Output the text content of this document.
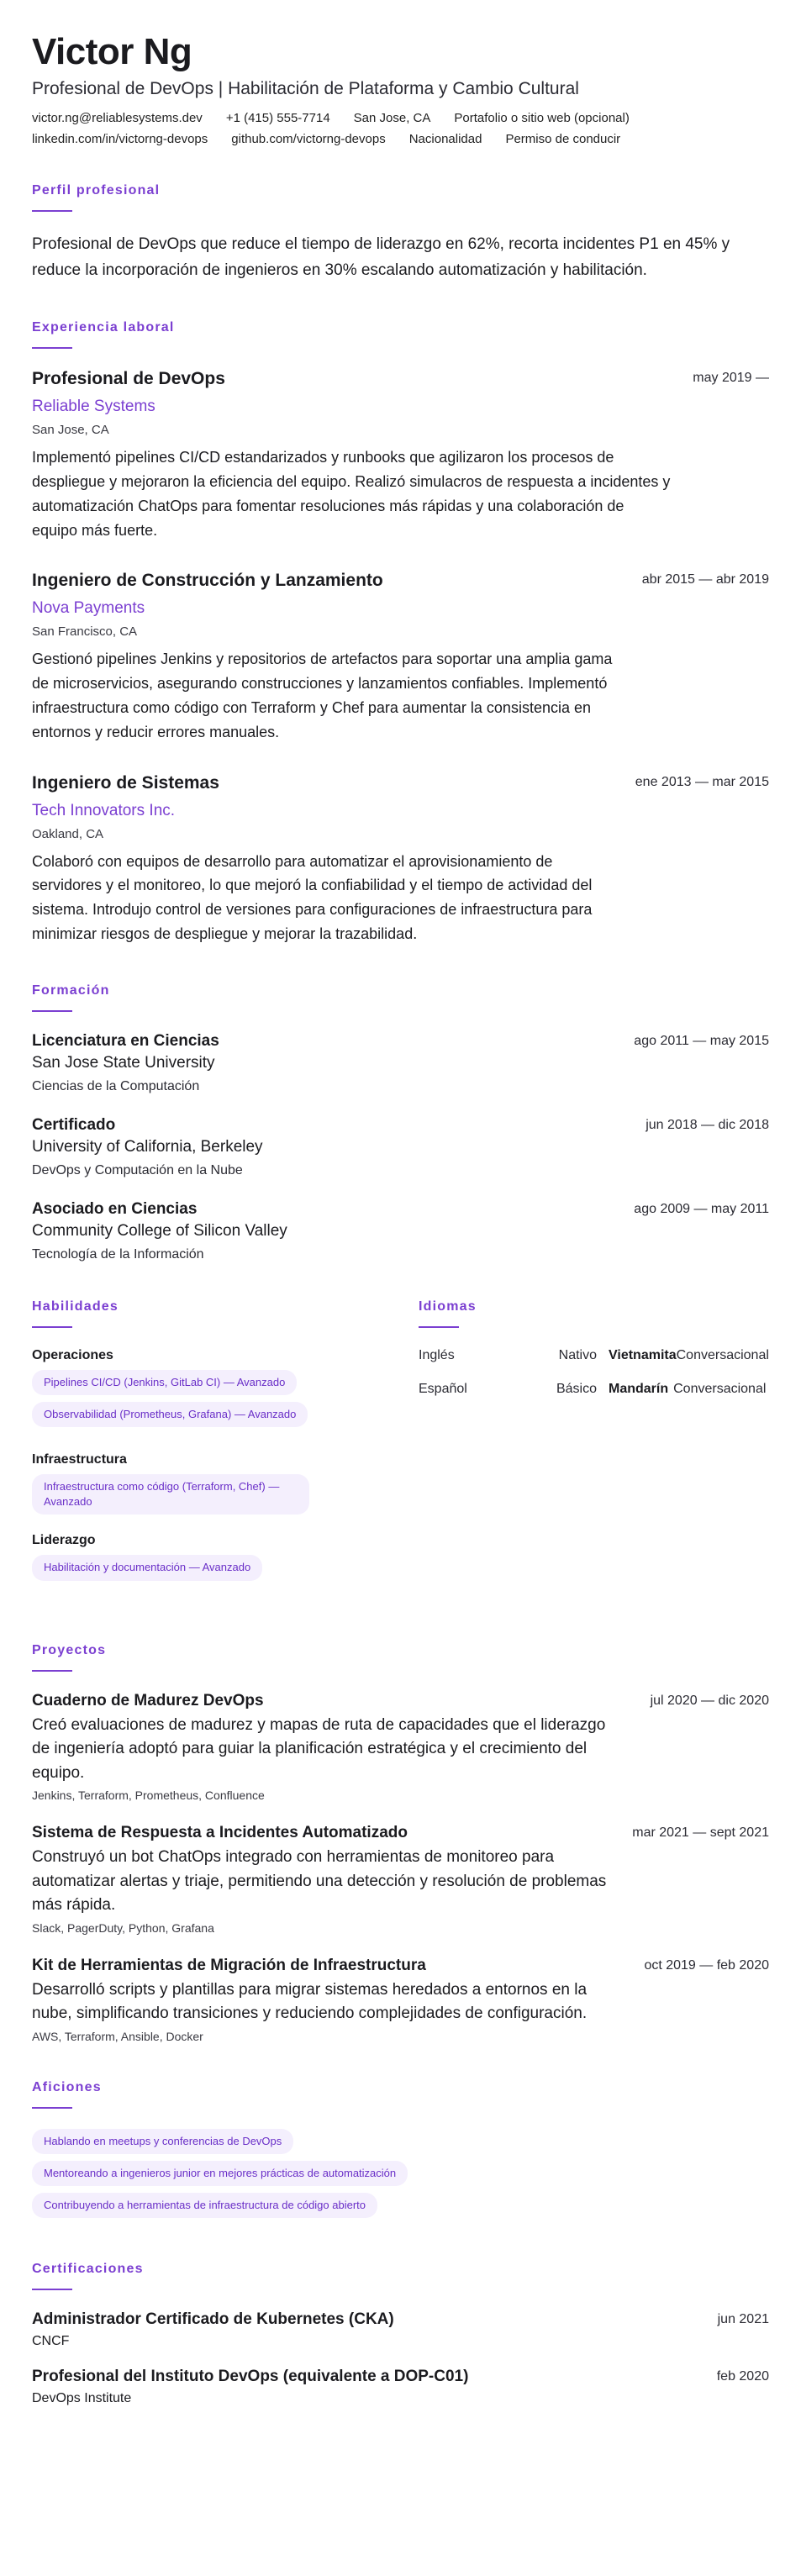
Victor Ng
Profesional de DevOps | Habilitación de Plataforma y Cambio Cultural
victor.ng@reliablesystems.dev +1 (415) 555-7714 San Jose, CA Portafolio o sitio web (opcional)
linkedin.com/in/victorng-devops github.com/victorng-devops Nacionalidad Permiso de conducir
Perfil profesional

Profesional de DevOps que reduce el tiempo de liderazgo en 62%, recorta incidentes P1 en 45% y reduce la incorporación de ingenieros en 30% escalando automatización y habilitación.

Experiencia laboral
Profesional de DevOps	may 2019 —
Reliable Systems
San Jose, CA
Implementó pipelines CI/CD estandarizados y runbooks que agilizaron los procesos de despliegue y mejoraron la eficiencia del equipo. Realizó simulacros de respuesta a incidentes y automatización ChatOps para fomentar resoluciones más rápidas y una colaboración de equipo más fuerte.
Ingeniero de Construcción y Lanzamiento	abr 2015 — abr 2019
Nova Payments
San Francisco, CA
Gestionó pipelines Jenkins y repositorios de artefactos para soportar una amplia gama de microservicios, asegurando construcciones y lanzamientos confiables. Implementó infraestructura como código con Terraform y Chef para aumentar la consistencia en entornos y reducir errores manuales.
Ingeniero de Sistemas	ene 2013 — mar 2015
Tech Innovators Inc.
Oakland, CA
Colaboró con equipos de desarrollo para automatizar el aprovisionamiento de servidores y el monitoreo, lo que mejoró la confiabilidad y el tiempo de actividad del sistema. Introdujo control de versiones para configuraciones de infraestructura para minimizar riesgos de despliegue y mejorar la trazabilidad.
Formación
Licenciatura en Ciencias	ago 2011 — may 2015
San Jose State University
Ciencias de la Computación
Certificado	jun 2018 — dic 2018
University of California, Berkeley
DevOps y Computación en la Nube
Asociado en Ciencias	ago 2009 — may 2011
Community College of Silicon Valley
Tecnología de la Información
Habilidades
Operaciones
Pipelines CI/CD (Jenkins, GitLab CI) — Avanzado
Observabilidad (Prometheus, Grafana) — Avanzado
Infraestructura
Infraestructura como código (Terraform, Chef) — Avanzado
Liderazgo
Habilitación y documentación — Avanzado
Idiomas
Inglés	Nativo Vietnamita Conversacional
Español	Básico Mandarín Conversacional
Proyectos
Cuaderno de Madurez DevOps	jul 2020 — dic 2020
Creó evaluaciones de madurez y mapas de ruta de capacidades que el liderazgo de ingeniería adoptó para guiar la planificación estratégica y el crecimiento del equipo.
Jenkins, Terraform, Prometheus, Confluence
Sistema de Respuesta a Incidentes Automatizado	mar 2021 — sept 2021
Construyó un bot ChatOps integrado con herramientas de monitoreo para automatizar alertas y triaje, permitiendo una detección y resolución de problemas más rápida.
Slack, PagerDuty, Python, Grafana
Kit de Herramientas de Migración de Infraestructura	oct 2019 — feb 2020
Desarrolló scripts y plantillas para migrar sistemas heredados a entornos en la nube, simplificando transiciones y reduciendo complejidades de configuración.
AWS, Terraform, Ansible, Docker
Aficiones
Hablando en meetups y conferencias de DevOps
Mentoreando a ingenieros junior en mejores prácticas de automatización
Contribuyendo a herramientas de infraestructura de código abierto
Certificaciones
Administrador Certificado de Kubernetes (CKA)	jun 2021
CNCF
Profesional del Instituto DevOps (equivalente a DOP-C01)	feb 2020
DevOps Institute
